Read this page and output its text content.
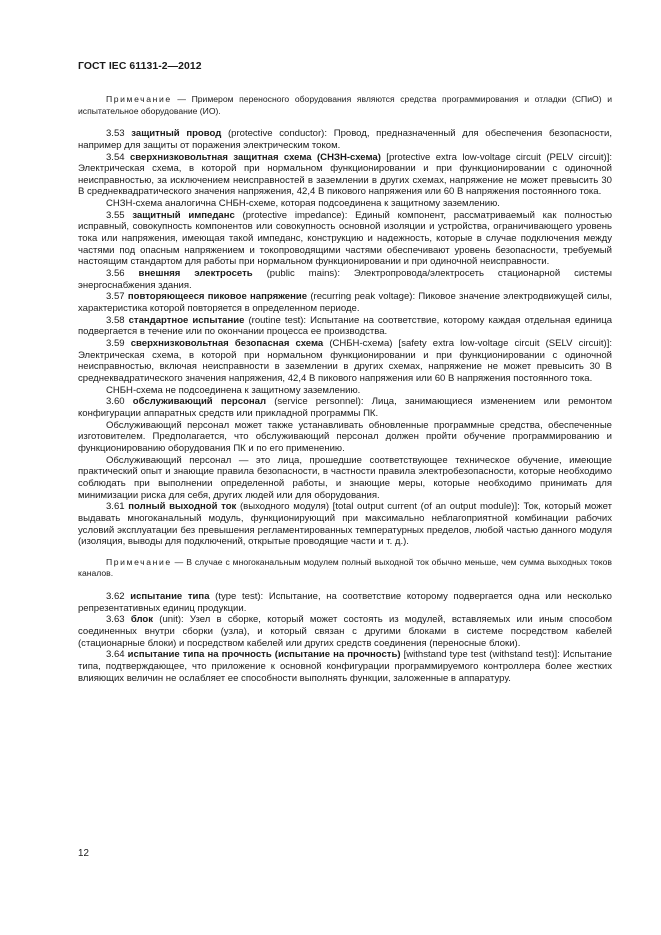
ГОСТ IEC 61131-2—2012

Примечание — Примером переносного оборудования являются средства программирования и отладки (СПиО) и испытательное оборудование (ИО).

3.53 защитный провод (protective conductor): Провод, предназначенный для обеспечения безопасности, например для защиты от поражения электрическим током.

3.54 сверхнизковольтная защитная схема (СНЗН-схема) [protective extra low-voltage circuit (PELV circuit)]: Электрическая схема, в которой при нормальном функционировании и при функционировании с одиночной неисправностью, за исключением неисправностей в заземлении в других схемах, напряжение не может превысить 30 В среднеквадратического значения напряжения, 42,4 В пикового напряжения или 60 В напряжения постоянного тока.

СНЗН-схема аналогична СНБН-схеме, которая подсоединена к защитному заземлению.

3.55 защитный импеданс (protective impedance): Единый компонент, рассматриваемый как полностью исправный, совокупность компонентов или совокупность основной изоляции и устройства, ограничивающего уровень тока или напряжения, имеющая такой импеданс, конструкцию и надежность, которые в случае подключения между частями под опасным напряжением и токопроводящими частями обеспечивают уровень безопасности, требуемый настоящим стандартом для работы при нормальном функционировании и при одиночной неисправности.

3.56 внешняя электросеть (public mains): Электропровода/электросеть стационарной системы энергоснабжения здания.

3.57 повторяющееся пиковое напряжение (recurring peak voltage): Пиковое значение электродвижущей силы, характеристика которой повторяется в определенном периоде.

3.58 стандартное испытание (routine test): Испытание на соответствие, которому каждая отдельная единица подвергается в течение или по окончании процесса ее производства.

3.59 сверхнизковольтная безопасная схема (СНБН-схема) [safety extra low-voltage circuit (SELV circuit)]: Электрическая схема, в которой при нормальном функционировании и при функционировании с одиночной неисправностью, включая неисправности в заземлении в других схемах, напряжение не может превысить 30 В среднеквадратического значения напряжения, 42,4 В пикового напряжения или 60 В напряжения постоянного тока.

СНБН-схема не подсоединена к защитному заземлению.

3.60 обслуживающий персонал (service personnel): Лица, занимающиеся изменением или ремонтом конфигурации аппаратных средств или прикладной программы ПК.

Обслуживающий персонал может также устанавливать обновленные программные средства, обеспеченные изготовителем. Предполагается, что обслуживающий персонал должен пройти обучение программированию и функционированию оборудования ПК и по его применению.

Обслуживающий персонал — это лица, прошедшие соответствующее техническое обучение, имеющие практический опыт и знающие правила безопасности, в частности правила электробезопасности, которые необходимо соблюдать при выполнении определенной работы, и знающие меры, которые необходимо принимать для минимизации риска для себя, других людей или для оборудования.

3.61 полный выходной ток (выходного модуля) [total output current (of an output module)]: Ток, который может выдавать многоканальный модуль, функционирующий при максимально неблагоприятной комбинации рабочих условий эксплуатации без превышения регламентированных температурных пределов, любой частью данного модуля (изоляция, выводы для подключений, открытые проводящие части и т. д.).

Примечание — В случае с многоканальным модулем полный выходной ток обычно меньше, чем сумма выходных токов каналов.

3.62 испытание типа (type test): Испытание, на соответствие которому подвергается одна или несколько репрезентативных единиц продукции.

3.63 блок (unit): Узел в сборке, который может состоять из модулей, вставляемых или иным способом соединенных внутри сборки (узла), и который связан с другими блоками в системе посредством кабелей (стационарные блоки) и посредством кабелей или других средств соединения (переносные блоки).

3.64 испытание типа на прочность (испытание на прочность) [withstand type test (withstand test)]: Испытание типа, подтверждающее, что приложение к основной конфигурации программируемого контроллера более жестких влияющих величин не ослабляет ее способности выполнять функции, заложенные в аппаратуру.

12
